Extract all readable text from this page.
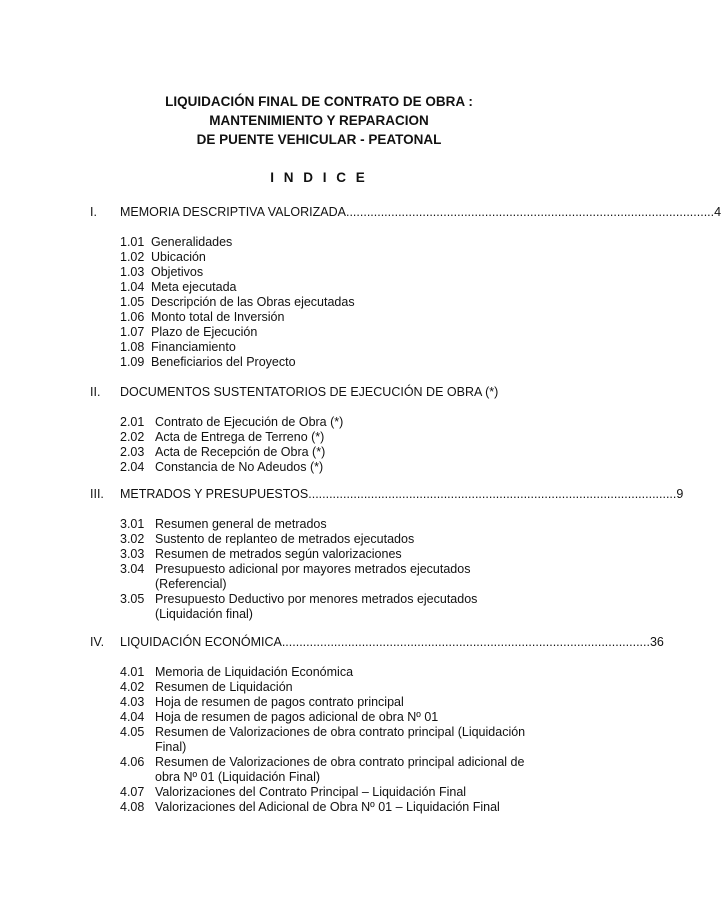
LIQUIDACIÓN FINAL DE CONTRATO DE OBRA :
MANTENIMIENTO Y REPARACION
DE PUENTE VEHICULAR - PEATONAL
I N D I C E
I. MEMORIA DESCRIPTIVA VALORIZADA .......................................................................................................... 4
1.01 Generalidades
1.02 Ubicación
1.03 Objetivos
1.04 Meta ejecutada
1.05 Descripción de las Obras ejecutadas
1.06 Monto total de Inversión
1.07 Plazo de Ejecución
1.08 Financiamiento
1.09 Beneficiarios del Proyecto
II. DOCUMENTOS SUSTENTATORIOS DE EJECUCIÓN DE OBRA (*)
2.01 Contrato de Ejecución de Obra (*)
2.02 Acta de Entrega de Terreno (*)
2.03 Acta de Recepción de Obra (*)
2.04 Constancia de No Adeudos (*)
III. METRADOS Y PRESUPUESTOS .......................................................................................................... 9
3.01 Resumen general de metrados
3.02 Sustento de replanteo de metrados ejecutados
3.03 Resumen de metrados según valorizaciones
3.04 Presupuesto adicional por mayores metrados ejecutados (Referencial)
3.05 Presupuesto Deductivo por menores metrados ejecutados (Liquidación final)
IV. LIQUIDACIÓN ECONÓMICA .......................................................................................................... 36
4.01 Memoria de Liquidación Económica
4.02 Resumen de Liquidación
4.03 Hoja de resumen de pagos contrato principal
4.04 Hoja de resumen de pagos adicional de obra Nº 01
4.05 Resumen de Valorizaciones de obra contrato principal (Liquidación Final)
4.06 Resumen de Valorizaciones de obra contrato principal adicional de obra Nº 01 (Liquidación Final)
4.07 Valorizaciones del Contrato Principal – Liquidación Final
4.08 Valorizaciones del Adicional de Obra Nº 01 – Liquidación Final
